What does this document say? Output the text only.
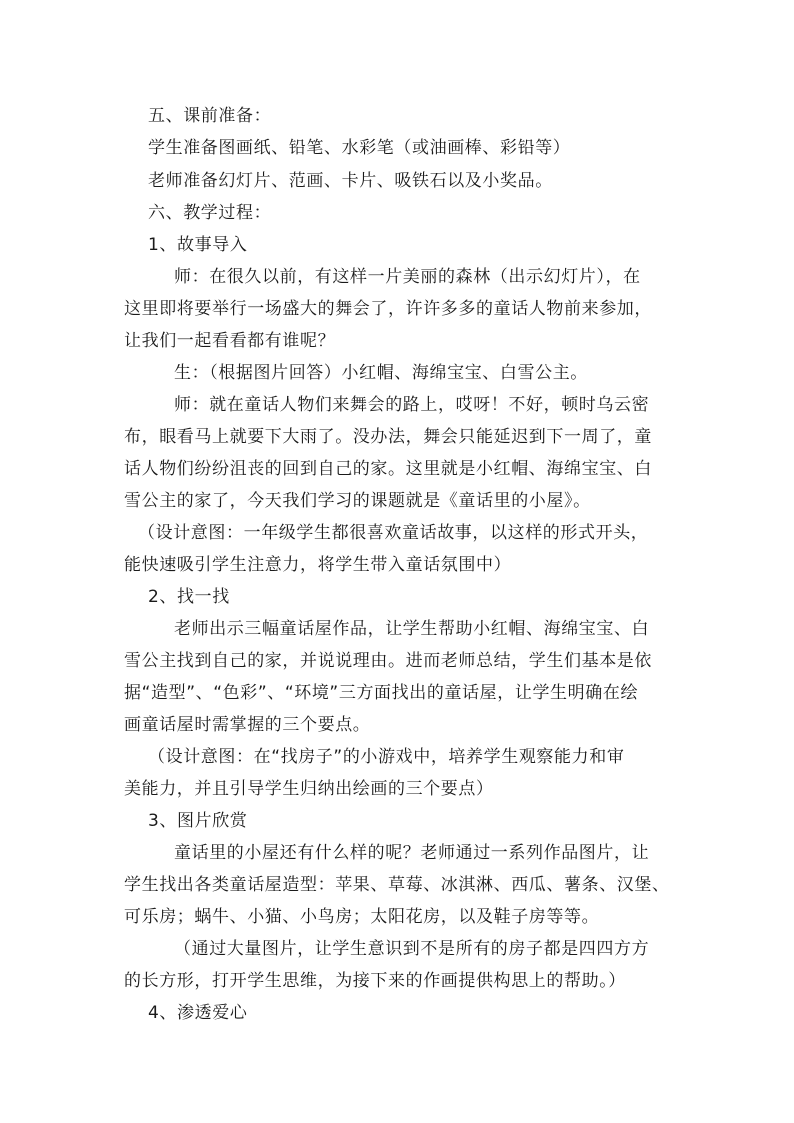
五、课前准备：
学生准备图画纸、铅笔、水彩笔（或油画棒、彩铅等）
老师准备幻灯片、范画、卡片、吸铁石以及小奖品。
六、教学过程：
1、故事导入
师：在很久以前，有这样一片美丽的森林（出示幻灯片），在
这里即将要举行一场盛大的舞会了，许许多多的童话人物前来参加，
让我们一起看看都有谁呢？
生：（根据图片回答）小红帽、海绵宝宝、白雪公主。
师：就在童话人物们来舞会的路上，哎呀！不好，顿时乌云密
布，眼看马上就要下大雨了。没办法，舞会只能延迟到下一周了，童
话人物们纷纷沮丧的回到自己的家。这里就是小红帽、海绵宝宝、白
雪公主的家了，今天我们学习的课题就是《童话里的小屋》。
（设计意图：一年级学生都很喜欢童话故事，以这样的形式开头，
能快速吸引学生注意力，将学生带入童话氛围中）
2、找一找
老师出示三幅童话屋作品，让学生帮助小红帽、海绵宝宝、白
雪公主找到自己的家，并说说理由。进而老师总结，学生们基本是依
据“造型”、“色彩”、“环境”三方面找出的童话屋，让学生明确在绘
画童话屋时需掌握的三个要点。
（设计意图：在“找房子”的小游戏中，培养学生观察能力和审
美能力，并且引导学生归纳出绘画的三个要点）
3、图片欣赏
童话里的小屋还有什么样的呢？老师通过一系列作品图片，让
学生找出各类童话屋造型：苹果、草莓、冰淇淋、西瓜、薯条、汉堡、
可乐房；蜗牛、小猫、小鸟房；太阳花房，以及鞋子房等等。
（通过大量图片，让学生意识到不是所有的房子都是四四方方
的长方形，打开学生思维，为接下来的作画提供构思上的帮助。）
4、渗透爱心
